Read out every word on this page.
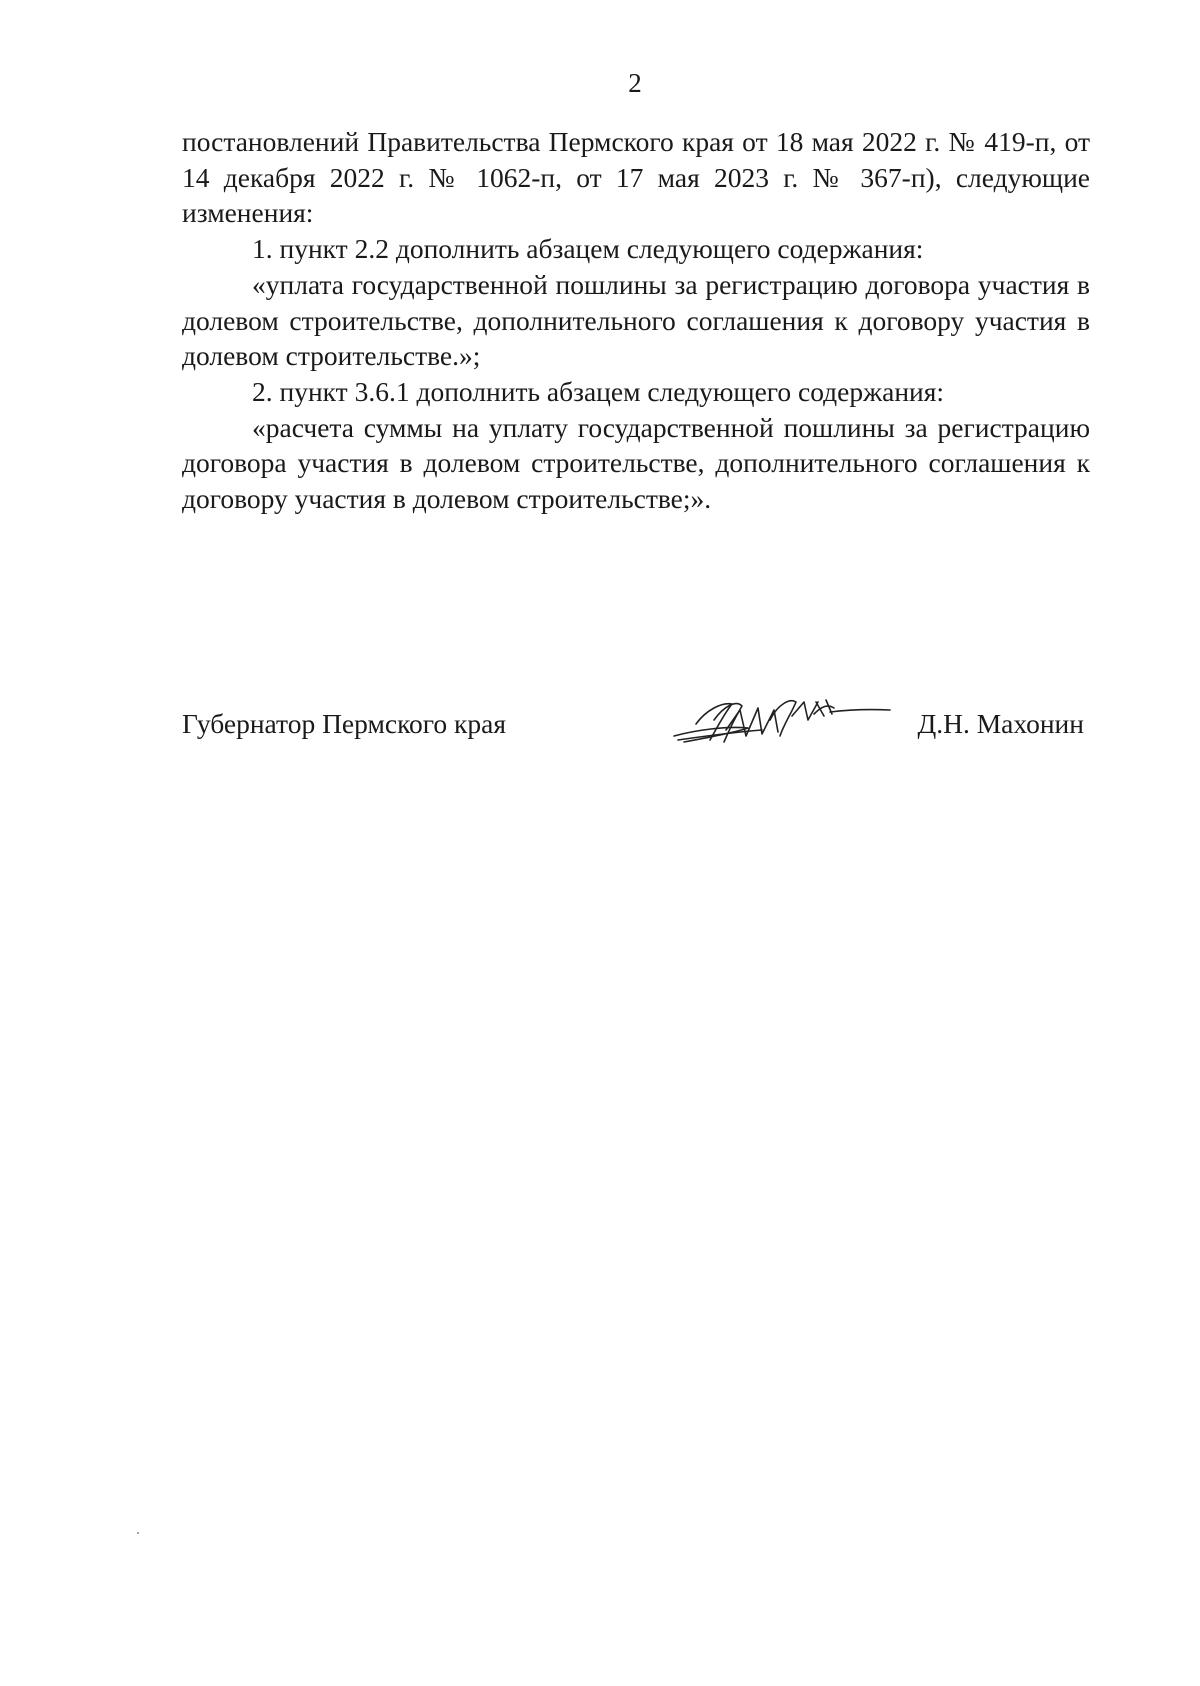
2

постановлений Правительства Пермского края от 18 мая 2022 г. № 419-п, от 14 декабря 2022 г. № 1062-п, от 17 мая 2023 г. № 367-п), следующие изменения:

1. пункт 2.2 дополнить абзацем следующего содержания:

«уплата государственной пошлины за регистрацию договора участия в долевом строительстве, дополнительного соглашения к договору участия в долевом строительстве.»;

2. пункт 3.6.1 дополнить абзацем следующего содержания:

«расчета суммы на уплату государственной пошлины за регистрацию договора участия в долевом строительстве, дополнительного соглашения к договору участия в долевом строительстве;».

Губернатор Пермского края	Д.Н. Махонин
